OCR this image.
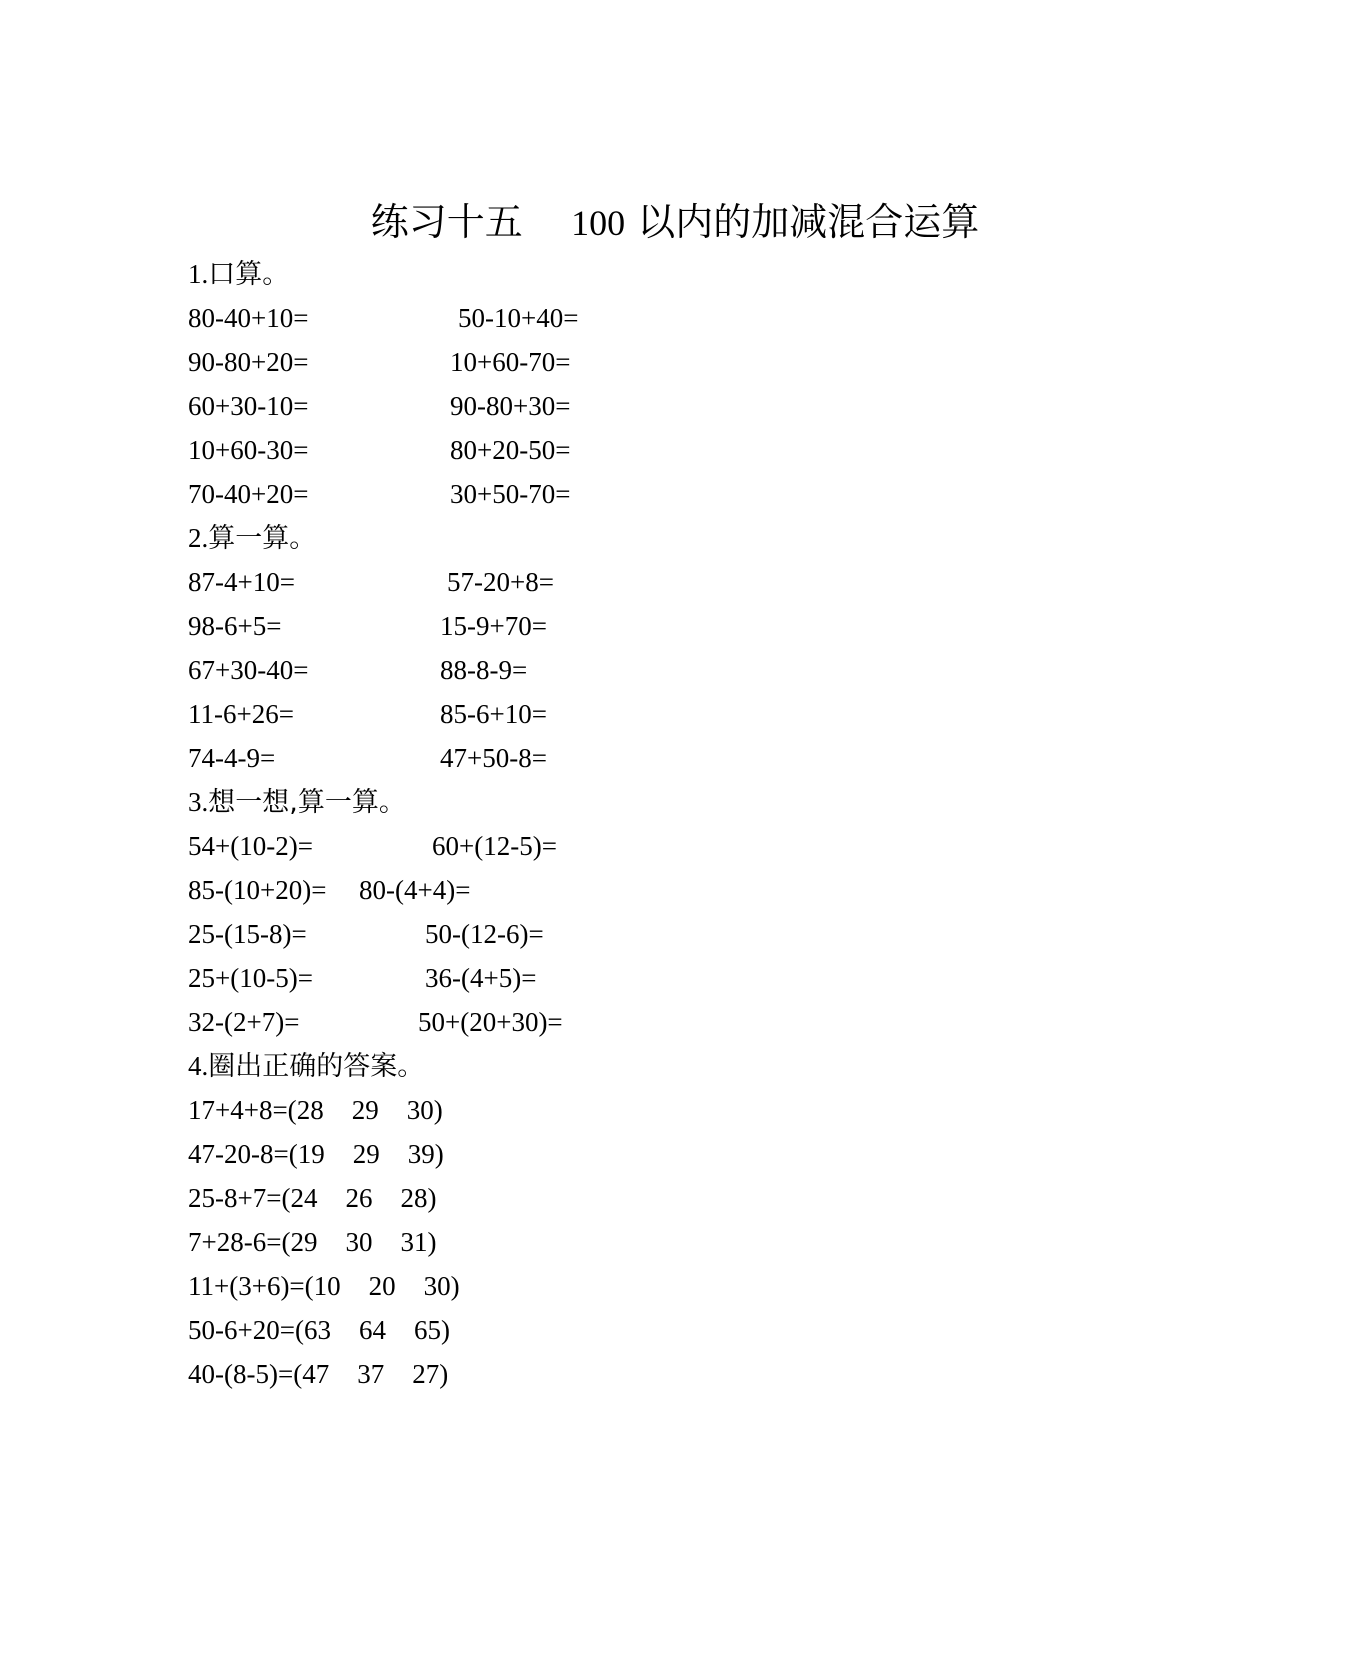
练习十五 100 以内的加减混合运算
1.口算。
80-40+10=	50-10+40=
90-80+20=	10+60-70=
60+30-10=	90-80+30=
10+60-30=	80+20-50=
70-40+20=	30+50-70=
2.算一算。
87-4+10=	57-20+8=
98-6+5=	15-9+70=
67+30-40=	88-8-9=
11-6+26=	85-6+10=
74-4-9=	47+50-8=
3.想一想,算一算。
54+(10-2)=	60+(12-5)=
85-(10+20)= 80-(4+4)=
25-(15-8)=	50-(12-6)=
25+(10-5)=	36-(4+5)=
32-(2+7)=	50+(20+30)=
4.圈出正确的答案。
17+4+8=(28 29 30)
47-20-8=(19 29 39)
25-8+7=(24 26 28)
7+28-6=(29 30 31)
11+(3+6)=(10 20 30)
50-6+20=(63 64 65)
40-(8-5)=(47 37 27)
